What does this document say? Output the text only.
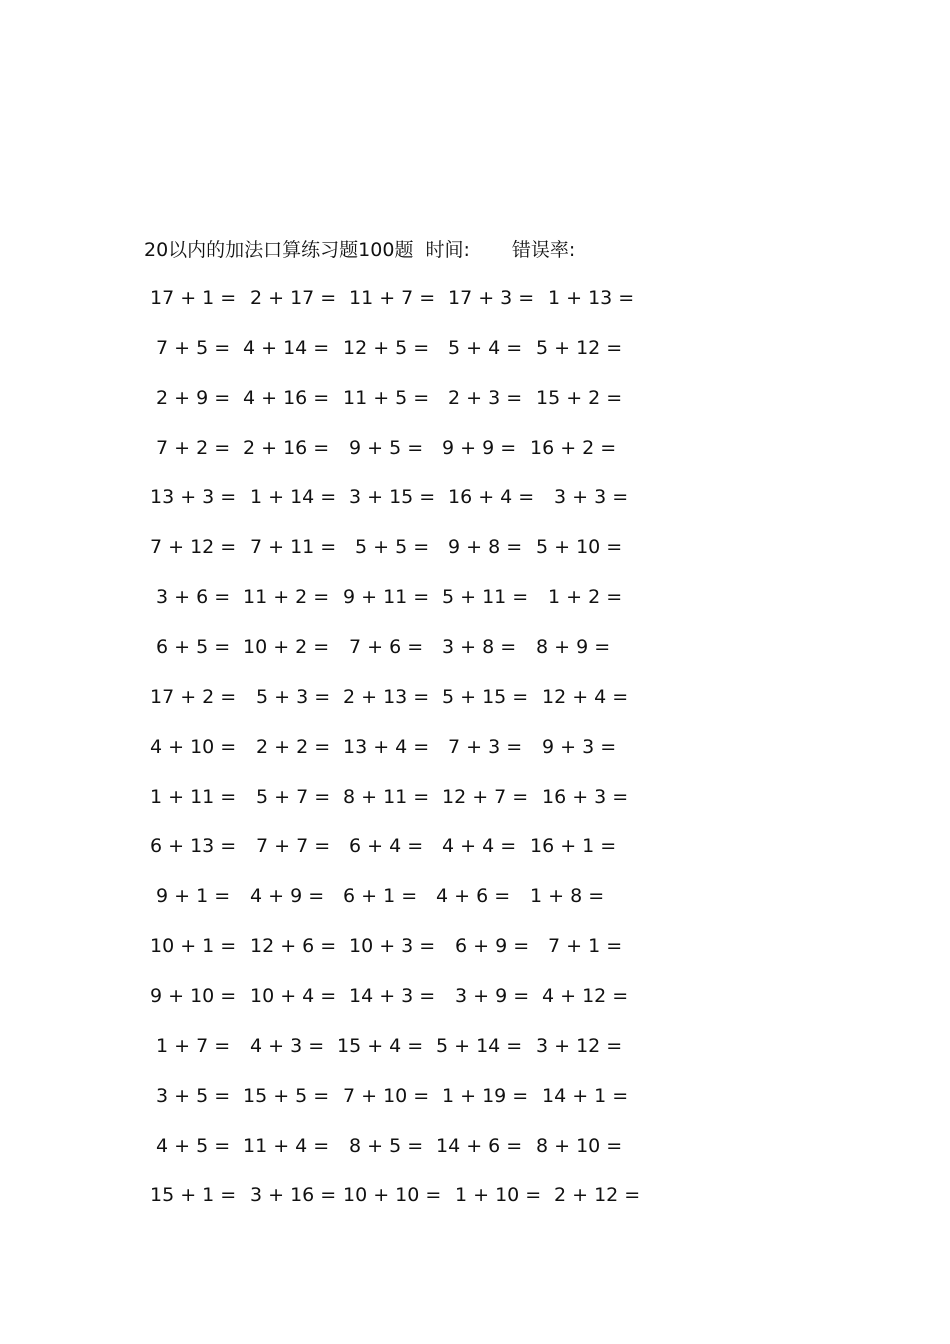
20以内的加法口算练习题100题 时间: 错误率:
17 + 1 = 2 + 17 = 11 + 7 = 17 + 3 = 1 + 13 =
7 + 5 = 4 + 14 = 12 + 5 = 5 + 4 = 5 + 12 =
2 + 9 = 4 + 16 = 11 + 5 = 2 + 3 = 15 + 2 =
7 + 2 = 2 + 16 = 9 + 5 = 9 + 9 = 16 + 2 =
13 + 3 = 1 + 14 = 3 + 15 = 16 + 4 = 3 + 3 =
7 + 12 = 7 + 11 = 5 + 5 = 9 + 8 = 5 + 10 =
3 + 6 = 11 + 2 = 9 + 11 = 5 + 11 = 1 + 2 =
6 + 5 = 10 + 2 = 7 + 6 = 3 + 8 = 8 + 9 =
17 + 2 = 5 + 3 = 2 + 13 = 5 + 15 = 12 + 4 =
4 + 10 = 2 + 2 = 13 + 4 = 7 + 3 = 9 + 3 =
1 + 11 = 5 + 7 = 8 + 11 = 12 + 7 = 16 + 3 =
6 + 13 = 7 + 7 = 6 + 4 = 4 + 4 = 16 + 1 =
9 + 1 = 4 + 9 = 6 + 1 = 4 + 6 = 1 + 8 =
10 + 1 = 12 + 6 = 10 + 3 = 6 + 9 = 7 + 1 =
9 + 10 = 10 + 4 = 14 + 3 = 3 + 9 = 4 + 12 =
1 + 7 = 4 + 3 = 15 + 4 = 5 + 14 = 3 + 12 =
3 + 5 = 15 + 5 = 7 + 10 = 1 + 19 = 14 + 1 =
4 + 5 = 11 + 4 = 8 + 5 = 14 + 6 = 8 + 10 =
15 + 1 = 3 + 16 = 10 + 10 = 1 + 10 = 2 + 12 =
